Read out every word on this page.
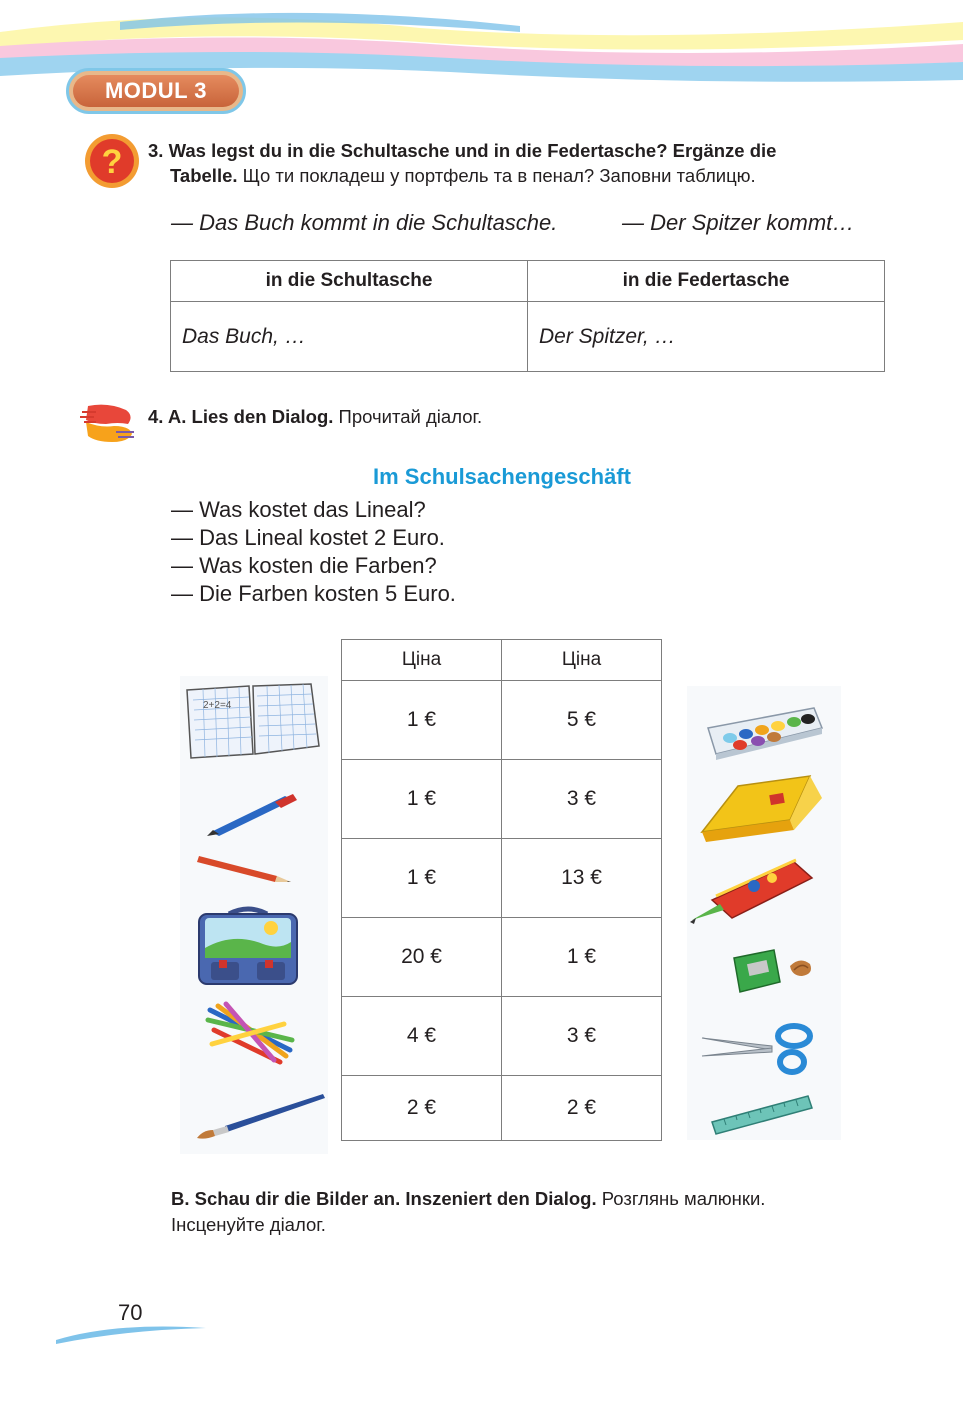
MODUL 3
? 3. Was legst du in die Schultasche und in die Federtasche? Ergänze die
Tabelle. Що ти покладеш у портфель та в пенал? Заповни таблицю.
— Das Buch kommt in die Schultasche.	— Der Spitzer kommt…
in die Schultasche	in die Federtasche
Das Buch, …	Der Spitzer, …
4. A. Lies den Dialog. Прочитай діалог.
Im Schulsachengeschäft
— Was kostet das Lineal?
— Das Lineal kostet 2 Euro.
— Was kosten die Farben?
— Die Farben kosten 5 Euro.
2+2=4
Ціна	Ціна
1 €	5 €
1 €	3 €
1 €	13 €
20 €	1 €
4 €	3 €
2 €	2 €
B. Schau dir die Bilder an. Inszeniert den Dialog. Розглянь малюнки.
Інсценуйте діалог.
70
